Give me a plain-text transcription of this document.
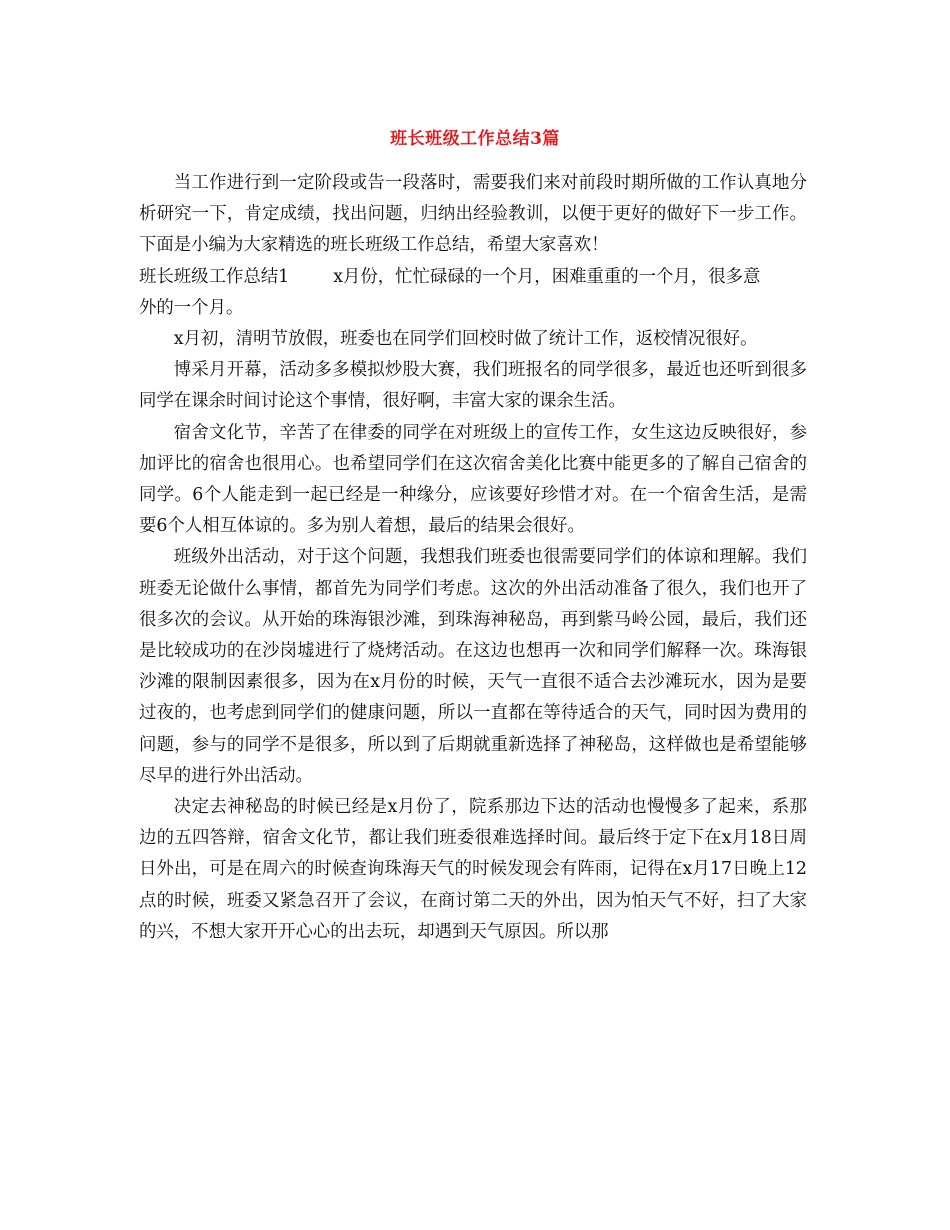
班长班级工作总结3篇

当工作进行到一定阶段或告一段落时，需要我们来对前段时期所做的工作认真地分析研究一下，肯定成绩，找出问题，归纳出经验教训，以便于更好的做好下一步工作。下面是小编为大家精选的班长班级工作总结，希望大家喜欢！

班长班级工作总结1	x月份，忙忙碌碌的一个月，困难重重的一个月，很多意

外的一个月。

x月初，清明节放假，班委也在同学们回校时做了统计工作，返校情况很好。

博采月开幕，活动多多模拟炒股大赛，我们班报名的同学很多，最近也还听到很多同学在课余时间讨论这个事情，很好啊，丰富大家的课余生活。

宿舍文化节，辛苦了在律委的同学在对班级上的宣传工作，女生这边反映很好，参加评比的宿舍也很用心。也希望同学们在这次宿舍美化比赛中能更多的了解自己宿舍的同学。6个人能走到一起已经是一种缘分，应该要好珍惜才对。在一个宿舍生活，是需要6个人相互体谅的。多为别人着想，最后的结果会很好。

班级外出活动，对于这个问题，我想我们班委也很需要同学们的体谅和理解。我们班委无论做什么事情，都首先为同学们考虑。这次的外出活动准备了很久，我们也开了很多次的会议。从开始的珠海银沙滩，到珠海神秘岛，再到紫马岭公园，最后，我们还是比较成功的在沙岗墟进行了烧烤活动。在这边也想再一次和同学们解释一次。珠海银沙滩的限制因素很多，因为在x月份的时候，天气一直很不适合去沙滩玩水，因为是要过夜的，也考虑到同学们的健康问题，所以一直都在等待适合的天气，同时因为费用的问题，参与的同学不是很多，所以到了后期就重新选择了神秘岛，这样做也是希望能够尽早的进行外出活动。

决定去神秘岛的时候已经是x月份了，院系那边下达的活动也慢慢多了起来，系那边的五四答辩，宿舍文化节，都让我们班委很难选择时间。最后终于定下在x月18日周日外出，可是在周六的时候查询珠海天气的时候发现会有阵雨，记得在x月17日晚上12点的时候，班委又紧急召开了会议，在商讨第二天的外出，因为怕天气不好，扫了大家的兴，不想大家开开心心的出去玩，却遇到天气原因。所以那
